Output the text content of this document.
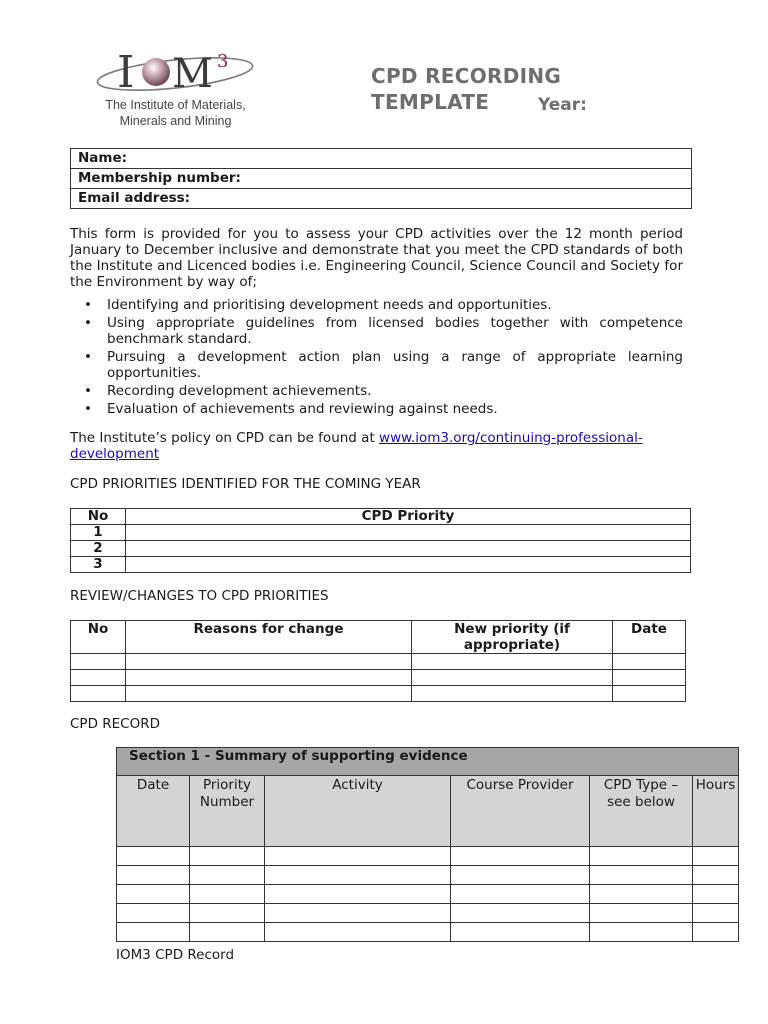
I M 3
The Institute of Materials,
Minerals and Mining
CPD RECORDING
TEMPLATE	Year:
Name:
Membership number:
Email address:
This form is provided for you to assess your CPD activities over the 12 month period January to December inclusive and demonstrate that you meet the CPD standards of both the Institute and Licenced bodies i.e. Engineering Council, Science Council and Society for the Environment by way of;
• Identifying and prioritising development needs and opportunities.
• Using appropriate guidelines from licensed bodies together with competence benchmark standard.
• Pursuing a development action plan using a range of appropriate learning opportunities.
• Recording development achievements.
• Evaluation of achievements and reviewing against needs.
The Institute’s policy on CPD can be found at www.iom3.org/continuing-professional-development
CPD PRIORITIES IDENTIFIED FOR THE COMING YEAR
No	CPD Priority
1	
2	
3	
REVIEW/CHANGES TO CPD PRIORITIES
No	Reasons for change	New priority (if appropriate)	Date

CPD RECORD
Section 1 - Summary of supporting evidence					
Date	Priority Number	Activity	Course Provider	CPD Type – see below	Hours

IOM3 CPD Record
